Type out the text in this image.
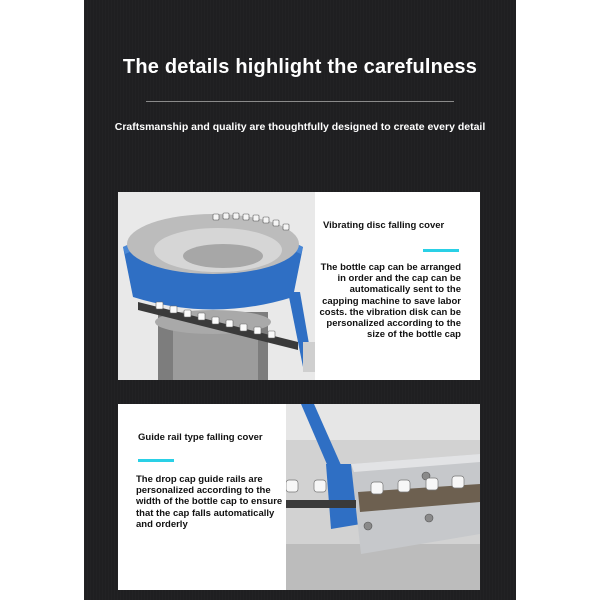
The details highlight the carefulness
Craftsmanship and quality are thoughtfully designed to create every detail
Vibrating disc falling cover
The bottle cap can be arranged in order and the cap can be automatically sent to the capping machine to save labor costs. the vibration disk can be personalized according to the size of the bottle cap
Guide rail type falling cover
The drop cap guide rails are personalized according to the width of the bottle cap to ensure that the cap falls automatically and orderly
